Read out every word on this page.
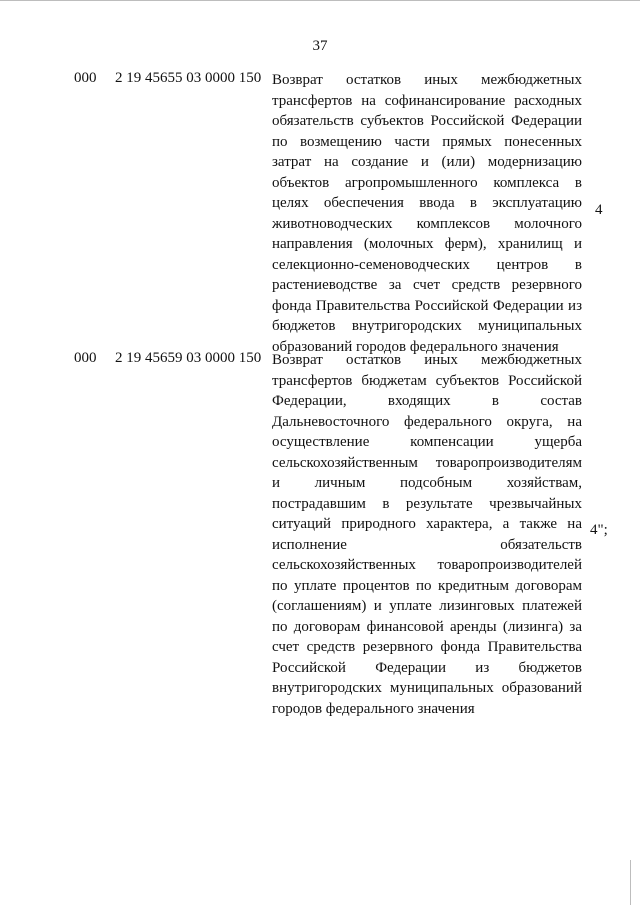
37
000 2 19 45655 03 0000 150 Возврат остатков иных межбюджетных
трансфертов на софинансирование расходных
обязательств субъектов Российской Федерации
по возмещению части прямых понесенных
затрат на создание и (или) модернизацию
объектов агропромышленного комплекса в
целях обеспечения ввода в эксплуатацию
животноводческих комплексов молочного
направления (молочных ферм), хранилищ и
селекционно-семеноводческих центров в
растениеводстве за счет средств резервного
фонда Правительства Российской Федерации из
бюджетов внутригородских муниципальных
образований городов федерального значения
4
000 2 19 45659 03 0000 150 Возврат остатков иных межбюджетных
трансфертов бюджетам субъектов Российской
Федерации, входящих в состав
Дальневосточного федерального округа, на
осуществление компенсации ущерба
сельскохозяйственным товаропроизводителям
и личным подсобным хозяйствам,
пострадавшим в результате чрезвычайных
ситуаций природного характера, а также на
исполнение обязательств
сельскохозяйственных товаропроизводителей
по уплате процентов по кредитным договорам
(соглашениям) и уплате лизинговых платежей
по договорам финансовой аренды (лизинга) за
счет средств резервного фонда Правительства
Российской Федерации из бюджетов
внутригородских муниципальных образований
городов федерального значения
4";
